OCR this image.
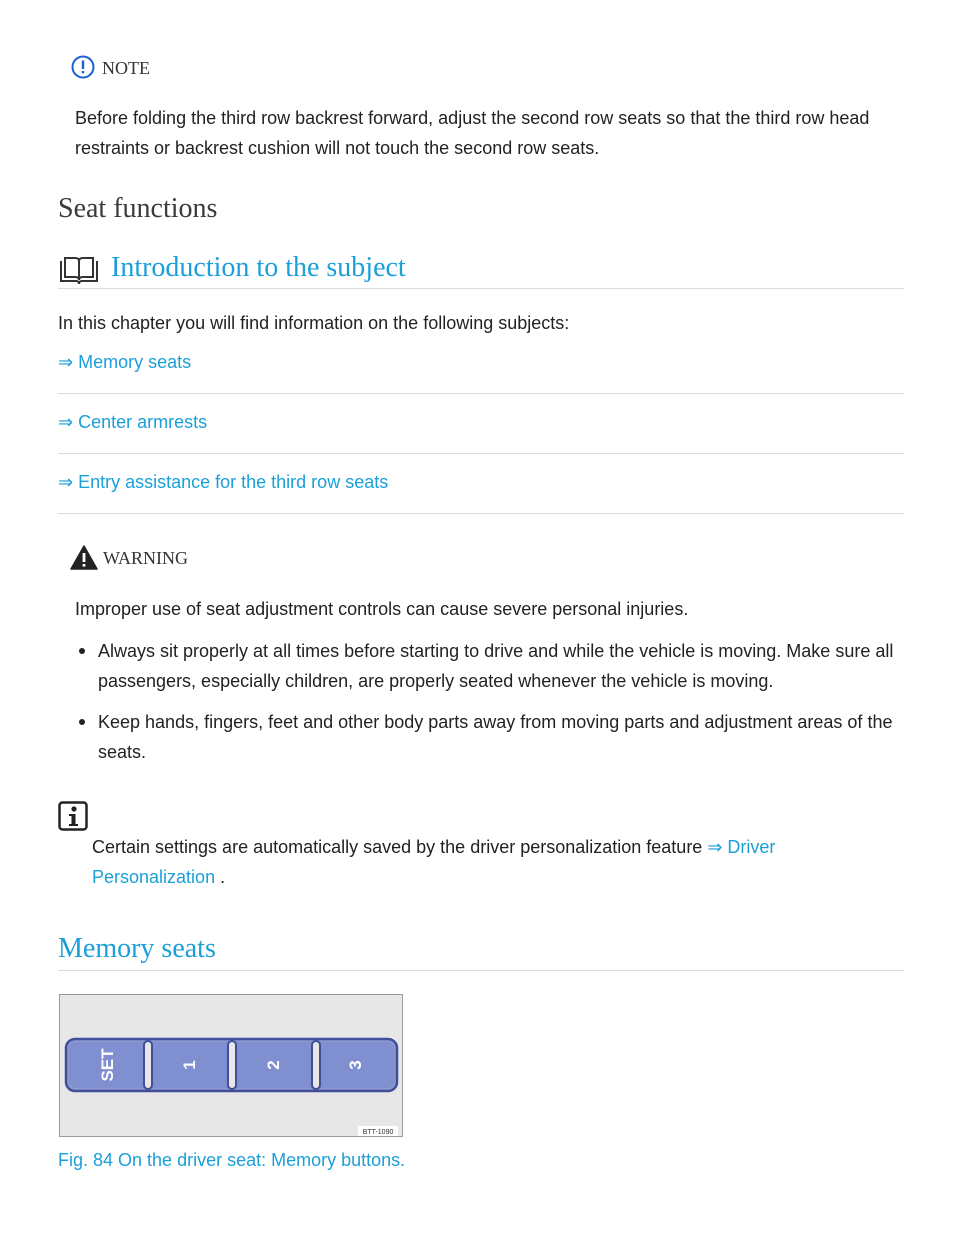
NOTE
Before folding the third row backrest forward, adjust the second row seats so that the third row head restraints or backrest cushion will not touch the second row seats.
Seat functions
Introduction to the subject
In this chapter you will find information on the following subjects:
⇒ Memory seats
⇒ Center armrests
⇒ Entry assistance for the third row seats
WARNING
Improper use of seat adjustment controls can cause severe personal injuries.
Always sit properly at all times before starting to drive and while the vehicle is moving. Make sure all passengers, especially children, are properly seated whenever the vehicle is moving.
Keep hands, fingers, feet and other body parts away from moving parts and adjustment areas of the seats.
Certain settings are automatically saved by the driver personalization feature ⇒ Driver Personalization .
Memory seats
SET	1	2	3
BTT-1090
Fig. 84 On the driver seat: Memory buttons.
